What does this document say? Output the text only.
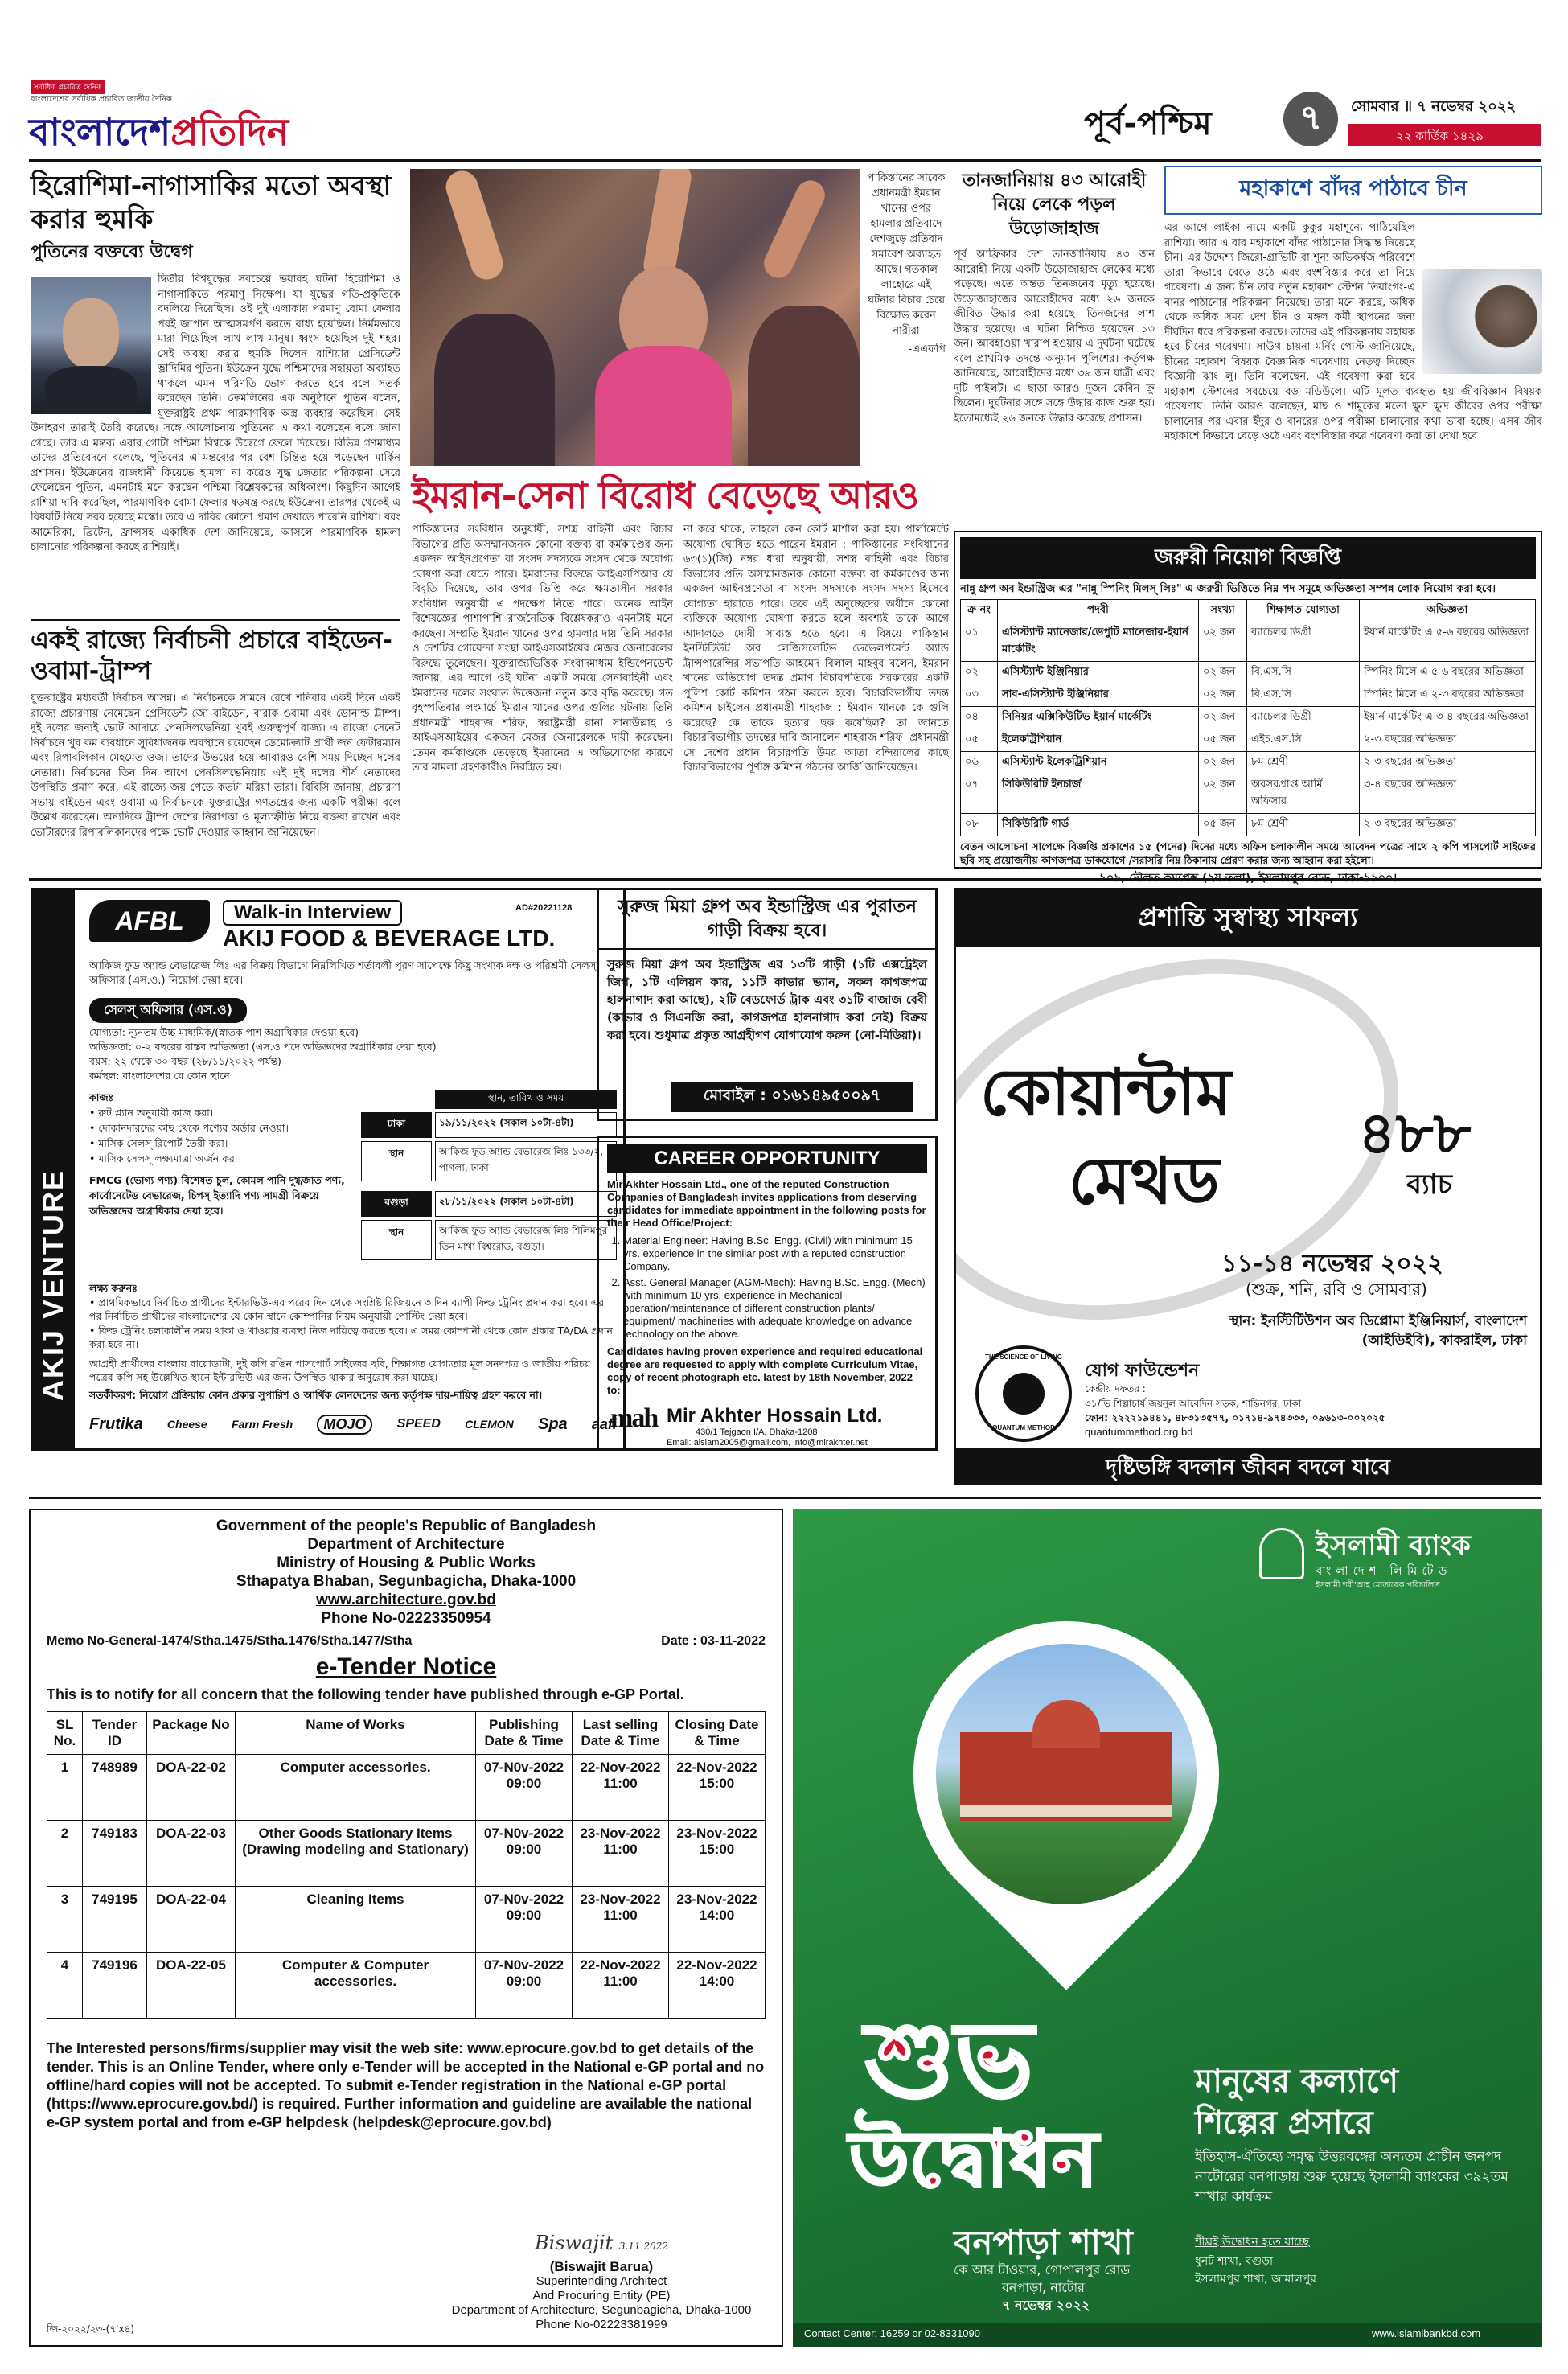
সর্বাধিক প্রচারিত দৈনিক
বাংলাদেশের সর্বাধিক প্রচারিত জাতীয় দৈনিক
বাংলাদেশপ্রতিদিন	পূর্ব-পশ্চিম	৭	সোমবার ॥ ৭ নভেম্বর ২০২২
২২ কার্তিক ১৪২৯
হিরোশিমা-নাগাসাকির মতো অবস্থা করার হুমকি
পুতিনের বক্তব্যে উদ্বেগ
দ্বিতীয় বিশ্বযুদ্ধের সবচেয়ে ভয়াবহ ঘটনা হিরোশিমা ও নাগাসাকিতে পরমাণু নিক্ষেপ। যা যুদ্ধের গতি-প্রকৃতিকে বদলিয়ে দিয়েছিল। ওই দুই এলাকায় পরমাণু বোমা ফেলার পরই জাপান আত্মসমর্পণ করতে বাধ্য হয়েছিল। নির্মমভাবে মারা গিয়েছিল লাখ লাখ মানুষ। ধ্বংস হয়েছিল দুই শহর। সেই অবস্থা করার হুমকি দিলেন রাশিয়ার প্রেসিডেন্ট ভ্লাদিমির পুতিন। ইউক্রেন যুদ্ধে পশ্চিমাদের সহায়তা অব্যাহত থাকলে এমন পরিণতি ভোগ করতে হবে বলে সতর্ক করেছেন তিনি। ক্রেমলিনের এক অনুষ্ঠানে পুতিন বলেন, যুক্তরাষ্ট্রই প্রথম পারমাণবিক অস্ত্র ব্যবহার করেছিল। সেই উদাহরণ তারাই তৈরি করেছে। সঙ্গে আলোচনায় পুতিনের এ কথা বলেছেন বলে জানা গেছে। তার এ মন্তব্য এবার গোটা পশ্চিমা বিশ্বকে উদ্বেগে ফেলে দিয়েছে। বিভিন্ন গণমাধ্যম তাদের প্রতিবেদনে বলেছে, পুতিনের এ মন্তব্যের পর বেশ চিন্তিত হয়ে পড়েছেন মার্কিন প্রশাসন। ইউক্রেনের রাজধানী কিয়েভে হামলা না করেও যুদ্ধ জেতার পরিকল্পনা সেরে ফেলেছেন পুতিন, এমনটাই মনে করছেন পশ্চিমা বিশ্লেষকদের অধিকাংশ। কিছুদিন আগেই রাশিয়া দাবি করেছিল, পারমাণবিক বোমা ফেলার ষড়যন্ত্র করছে ইউক্রেন। তারপর থেকেই এ বিষয়টি নিয়ে সরব হয়েছে মস্কো। তবে এ দাবির কোনো প্রমাণ দেখাতে পারেনি রাশিয়া। বরং আমেরিকা, ব্রিটেন, ফ্রান্সসহ একাধিক দেশ জানিয়েছে, আসলে পারমাণবিক হামলা চালানোর পরিকল্পনা করছে রাশিয়াই।
একই রাজ্যে নির্বাচনী প্রচারে বাইডেন-ওবামা-ট্রাম্প
যুক্তরাষ্ট্রের মধ্যবর্তী নির্বাচন আসন্ন। এ নির্বাচনকে সামনে রেখে শনিবার একই দিনে একই রাজ্যে প্রচারণায় নেমেছেন প্রেসিডেন্ট জো বাইডেন, বারাক ওবামা এবং ডোনাল্ড ট্রাম্প। দুই দলের জন্যই ভোট আদায়ে পেনসিলভেনিয়া খুবই গুরুত্বপূর্ণ রাজ্য। এ রাজ্যে সেনেট নির্বাচনে খুব কম ব্যবধানে সুবিধাজনক অবস্থানে রয়েছেন ডেমোক্র্যাট প্রার্থী জন ফেটারম্যান এবং রিপাবলিকান মেহমেত ওজ। তাদের উভয়ের হয়ে আবারও বেশি সময় দিচ্ছেন দলের নেতারা। নির্বাচনের তিন দিন আগে পেনসিলভেনিয়ায় এই দুই দলের শীর্ষ নেতাদের উপস্থিতি প্রমাণ করে, এই রাজ্যে জয় পেতে কতটা মরিয়া তারা। বিবিসি জানায়, প্রচারণা সভায় বাইডেন এবং ওবামা এ নির্বাচনকে যুক্তরাষ্ট্রের গণতন্ত্রের জন্য একটি পরীক্ষা বলে উল্লেখ করেছেন। অন্যদিকে ট্রাম্প দেশের নিরাপত্তা ও মূল্যস্ফীতি নিয়ে বক্তব্য রাখেন এবং ভোটারদের রিপাবলিকানদের পক্ষে ভোট দেওয়ার আহ্বান জানিয়েছেন।
পাকিস্তানের সাবেক প্রধানমন্ত্রী ইমরান খানের ওপর হামলার প্রতিবাদে দেশজুড়ে প্রতিবাদ সমাবেশ অব্যাহত আছে। গতকাল লাহোরে এই ঘটনার বিচার চেয়ে বিক্ষোভ করেন নারীরা
-এএফপি
ইমরান-সেনা বিরোধ বেড়েছে আরও
পাকিস্তানের সংবিধান অনুযায়ী, সশস্ত্র বাহিনী এবং বিচার বিভাগের প্রতি অসম্মানজনক কোনো বক্তব্য বা কর্মকাণ্ডের জন্য একজন আইনপ্রণেতা বা সংসদ সদস্যকে সংসদ থেকে অযোগ্য ঘোষণা করা যেতে পারে। ইমরানের বিরুদ্ধে আইএসপিআর যে বিবৃতি দিয়েছে, তার ওপর ভিত্তি করে ক্ষমতাসীন সরকার সংবিধান অনুযায়ী এ পদক্ষেপ নিতে পারে। অনেক আইন বিশেষজ্ঞের পাশাপাশি রাজনৈতিক বিশ্লেষকরাও এমনটাই মনে করছেন। সম্প্রতি ইমরান খানের ওপর হামলার দায় তিনি সরকার ও দেশটির গোয়েন্দা সংস্থা আইএসআইয়ের মেজর জেনারেলের বিরুদ্ধে তুলেছেন। যুক্তরাজ্যভিত্তিক সংবাদমাধ্যম ইন্ডিপেনডেন্ট জানায়, এর আগে ওই ঘটনা একটি সময়ে সেনাবাহিনী এবং ইমরানের দলের সংঘাত উত্তেজনা নতুন করে বৃদ্ধি করেছে। গত বৃহস্পতিবার লংমার্চে ইমরান খানের ওপর গুলির ঘটনায় তিনি প্রধানমন্ত্রী শাহবাজ শরিফ, স্বরাষ্ট্রমন্ত্রী রানা সানাউল্লাহ ও আইএসআইয়ের একজন মেজর জেনারেলকে দায়ী করেছেন। তেমন কর্মকাণ্ডকে তেড়েছে ইমরানের এ অভিযোগের কারণে তার মামলা গ্রহণকারীও নিরস্ত্রিত হয়।
না করে থাকে, তাহলে কেন কোর্ট মার্শাল করা হয়। পার্লামেন্টে অযোগ্য ঘোষিত হতে পারেন ইমরান : পাকিস্তানের সংবিধানের ৬৩(১)(জি) নম্বর ধারা অনুযায়ী, সশস্ত্র বাহিনী এবং বিচার বিভাগের প্রতি অসম্মানজনক কোনো বক্তব্য বা কর্মকাণ্ডের জন্য একজন আইনপ্রণেতা বা সংসদ সদস্যকে সংসদ সদস্য হিসেবে যোগ্যতা হারাতে পারে। তবে এই অনুচ্ছেদের অধীনে কোনো ব্যক্তিকে অযোগ্য ঘোষণা করতে হলে অবশ্যই তাকে আগে আদালতে দোষী সাব্যস্ত হতে হবে। এ বিষয়ে পাকিস্তান ইনস্টিটিউট অব লেজিসলেটিভ ডেভেলপমেন্ট অ্যান্ড ট্রান্সপারেন্সির সভাপতি আহমেদ বিলাল মাহবুব বলেন, ইমরান খানের অভিযোগ তদন্ত প্রমাণ বিচারপতিকে সরকারের একটি পুলিশ কোর্ট কমিশন গঠন করতে হবে। বিচারবিভাগীয় তদন্ত কমিশন চাইলেন প্রধানমন্ত্রী শাহবাজ : ইমরান খানকে কে গুলি করেছে? কে তাকে হত্যার ছক কষেছিল? তা জানতে বিচারবিভাগীয় তদন্তের দাবি জানালেন শাহবাজ শরিফ। প্রধানমন্ত্রী সে দেশের প্রধান বিচারপতি উমর আতা বন্দিয়ালের কাছে বিচারবিভাগের পূর্ণাঙ্গ কমিশন গঠনের আর্জি জানিয়েছেন।
তানজানিয়ায় ৪৩ আরোহী নিয়ে লেকে পড়ল উড়োজাহাজ
পূর্ব আফ্রিকার দেশ তানজানিয়ায় ৪৩ জন আরোহী নিয়ে একটি উড়োজাহাজ লেকের মধ্যে পড়েছে। এতে অন্তত তিনজনের মৃত্যু হয়েছে। উড়োজাহাজের আরোহীদের মধ্যে ২৬ জনকে জীবিত উদ্ধার করা হয়েছে। তিনজনের লাশ উদ্ধার হয়েছে। এ ঘটনা নিশ্চিত হয়েছেন ১৩ জন। আবহাওয়া খারাপ হওয়ায় এ দুর্ঘটনা ঘটেছে বলে প্রাথমিক তদন্তে অনুমান পুলিশের। কর্তৃপক্ষ জানিয়েছে, আরোহীদের মধ্যে ৩৯ জন যাত্রী এবং দুটি পাইলট। এ ছাড়া আরও দুজন কেবিন ক্রু ছিলেন। দুর্ঘটনার সঙ্গে সঙ্গে উদ্ধার কাজ শুরু হয়। ইতোমধ্যেই ২৬ জনকে উদ্ধার করেছে প্রশাসন।
মহাকাশে বাঁদর পাঠাবে চীন
এর আগে লাইকা নামে একটি কুকুর মহাশূন্যে পাঠিয়েছিল রাশিয়া। আর এ বার মহাকাশে বাঁদর পাঠানোর সিদ্ধান্ত নিয়েছে চীন। এর উদ্দেশ্য জিরো-গ্রাভিটি বা শূন্য অভিকর্ষজ পরিবেশে তারা কিভাবে বেড়ে ওঠে এবং বংশবিস্তার করে তা নিয়ে গবেষণা। এ জন্য চীন তার নতুন মহাকাশ স্টেশন তিয়াংগং-এ বানর পাঠানোর পরিকল্পনা নিয়েছে। তারা মনে করছে, অধিক থেকে অধিক সময় দেশ চীন ও মঙ্গল কর্মী স্থাপনের জন্য দীর্ঘদিন ধরে পরিকল্পনা করছে। তাদের এই পরিকল্পনায় সহায়ক হবে চীনের গবেষণা। সাউথ চায়না মর্নিং পোস্ট জানিয়েছে, চীনের মহাকাশ বিষয়ক বৈজ্ঞানিক গবেষণায় নেতৃত্ব দিচ্ছেন বিজ্ঞানী ঝাং লু। তিনি বলেছেন, এই গবেষণা করা হবে মহাকাশ স্টেশনের সবচেয়ে বড় মডিউলে। এটি মূলত ব্যবহৃত হয় জীববিজ্ঞান বিষয়ক গবেষণায়। তিনি আরও বলেছেন, মাছ ও শামুকের মতো ক্ষুদ্র ক্ষুদ্র জীবের ওপর পরীক্ষা চালানোর পর এবার ইঁদুর ও বানরের ওপর পরীক্ষা চালানোর কথা ভাবা হচ্ছে। এসব জীব মহাকাশে কিভাবে বেড়ে ওঠে এবং বংশবিস্তার করে গবেষণা করা তা দেখা হবে।
জরুরী নিয়োগ বিজ্ঞপ্তি
নান্নু গ্রুপ অব ইন্ডাস্ট্রিজ এর "নান্নু স্পিনিং মিলস্ লিঃ" এ জরুরী ভিত্তিতে নিম্ন পদ সমূহে অভিজ্ঞতা সম্পন্ন লোক নিয়োগ করা হবে।
ক্র নং	পদবী	সংখ্যা	শিক্ষাগত যোগ্যতা	অভিজ্ঞতা
০১	এসিস্ট্যান্ট ম্যানেজার/ডেপুটি ম্যানেজার-ইয়ার্ন মার্কেটিং	০২ জন	ব্যাচেলর ডিগ্রী	ইয়ার্ন মার্কেটিং এ ৫-৬ বছরের অভিজ্ঞতা
০২	এসিস্ট্যান্ট ইঞ্জিনিয়ার	০২ জন	বি.এস.সি	স্পিনিং মিলে এ ৫-৬ বছরের অভিজ্ঞতা
০৩	সাব-এসিস্ট্যান্ট ইঞ্জিনিয়ার	০২ জন	বি.এস.সি	স্পিনিং মিলে এ ২-৩ বছরের অভিজ্ঞতা
০৪	সিনিয়র এক্সিকিউটিভ ইয়ার্ন মার্কেটিং	০২ জন	ব্যাচেলর ডিগ্রী	ইয়ার্ন মার্কেটিং এ ৩-৪ বছরের অভিজ্ঞতা
০৫	ইলেকট্রিশিয়ান	০৫ জন	এইচ.এস.সি	২-৩ বছরের অভিজ্ঞতা
০৬	এসিস্ট্যান্ট ইলেকট্রিশিয়ান	০২ জন	৮ম শ্রেণী	২-৩ বছরের অভিজ্ঞতা
০৭	সিকিউরিটি ইনচার্জ	০২ জন	অবসরপ্রাপ্ত আর্মি অফিসার	৩-৪ বছরের অভিজ্ঞতা
০৮	সিকিউরিটি গার্ড	০৫ জন	৮ম শ্রেণী	২-৩ বছরের অভিজ্ঞতা
বেতন আলোচনা সাপেক্ষে বিজ্ঞপ্তি প্রকাশের ১৫ (পনের) দিনের মধ্যে অফিস চলাকালীন সময়ে আবেদন পত্রের সাথে ২ কপি পাসপোর্ট সাইজের ছবি সহ প্রয়োজনীয় কাগজপত্র ডাকযোগে /সরাসরি নিম্ন ঠিকানায় প্রেরণ করার জন্য আহ্বান করা হইলো।
AKIJ VENTURE
AFBL	Walk-in Interview	AD#20221128
AKIJ FOOD & BEVERAGE LTD.
আকিজ ফুড অ্যান্ড বেভারেজ লিঃ এর বিক্রয় বিভাগে নিম্নলিখিত শর্তাবলী পূরণ সাপেক্ষে কিছু সংখ্যক দক্ষ ও পরিশ্রমী সেলস্ অফিসার (এস.ও.) নিয়োগ দেয়া হবে।
সেলস্ অফিসার (এস.ও)
যোগ্যতা: ন্যূনতম উচ্চ মাধ্যমিক/(স্নাতক পাশ অগ্রাধিকার দেওয়া হবে)
অভিজ্ঞতা: ০-২ বছরের বাস্তব অভিজ্ঞতা (এস.ও পদে অভিজ্ঞদের অগ্রাধিকার দেয়া হবে)
বয়স: ২২ থেকে ৩০ বছর (২৮/১১/২০২২ পর্যন্ত)
কর্মস্থল: বাংলাদেশের যে কোন স্থানে
কাজঃ
• রুট প্ল্যান অনুযায়ী কাজ করা।
• দোকানদারদের কাছ থেকে পণ্যের অর্ডার নেওয়া।
• মাসিক সেলস্ রিপোর্ট তৈরী করা।
• মাসিক সেলস্ লক্ষ্যমাত্রা অর্জন করা।
FMCG (ভোগ্য পণ্য) বিশেষত চুল, কোমল পানি দুগ্ধজাত পণ্য, কার্বোনেটেড বেভারেজ, চিপস্ ইত্যাদি পণ্য সামগ্রী বিক্রয়ে অভিজ্ঞদের অগ্রাধিকার দেয়া হবে।
স্থান, তারিখ ও সময়
ঢাকা	১৯/১১/২০২২ (সকাল ১০টা-৪টা)
স্থান	আকিজ ফুড অ্যান্ড বেভারেজ লিঃ ১৩৩/২, পাগলা, ঢাকা।
বগুড়া	২৮/১১/২০২২ (সকাল ১০টা-৪টা)
স্থান	আকিজ ফুড অ্যান্ড বেভারেজ লিঃ শিলিমপুর তিন মাথা বিশ্বরোড, বগুড়া।
লক্ষ্য করুনঃ
• প্রাথমিকভাবে নির্বাচিত প্রার্থীদের ইন্টারভিউ-এর পরের দিন থেকে সংশ্লিষ্ট রিজিয়নে ৩ দিন ব্যাপী ফিল্ড ট্রেনিং প্রদান করা হবে। এর পর নির্বাচিত প্রার্থীদের বাংলাদেশের যে কোন স্থানে কোম্পানির নিয়ম অনুযায়ী পোস্টিং দেয়া হবে।
• ফিল্ড ট্রেনিং চলাকালীন সময় থাকা ও খাওয়ার ব্যবস্থা নিজ দায়িত্বে করতে হবে। এ সময় কোম্পানী থেকে কোন প্রকার TA/DA প্রদান করা হবে না।
আগ্রহী প্রার্থীদের বাংলায় বায়োডাটা, দুই কপি রঙিন পাসপোর্ট সাইজের ছবি, শিক্ষাগত যোগ্যতার মূল সনদপত্র ও জাতীয় পরিচয় পত্রের কপি সহ উল্লেখিত স্থানে ইন্টারভিউ-এর জন্য উপস্থিত থাকার অনুরোধ করা যাচ্ছে।
সতর্কীকরণ: নিয়োগ প্রক্রিয়ায় কোন প্রকার সুপারিশ ও আর্থিক লেনদেনের জন্য কর্তৃপক্ষ দায়-দায়িত্ব গ্রহণ করবে না।
Frutika Cheese Farm Fresh	MOJO	SPEED CLEMON Spa aafi
সুরুজ মিয়া গ্রুপ অব ইন্ডাস্ট্রিজ এর পুরাতন গাড়ী বিক্রয় হবে।
সুরুজ মিয়া গ্রুপ অব ইন্ডাস্ট্রিজ এর ১৩টি গাড়ী (১টি এক্সট্রেইল জিপ, ১টি এলিয়ন কার, ১১টি কাভার ভ্যান, সকল কাগজপত্র হালনাগাদ করা আছে), ২টি বেডফোর্ড ট্রাক এবং ৩১টি বাজাজ বেবী (কাভার ও সিএনজি করা, কাগজপত্র হালনাগাদ করা নেই) বিক্রয় করা হবে। শুধুমাত্র প্রকৃত আগ্রহীগণ যোগাযোগ করুন (নো-মিডিয়া)।
মোবাইল : ০১৬১৪৯৫০০৯৭
CAREER OPPORTUNITY
Mir Akhter Hossain Ltd., one of the reputed Construction Companies of Bangladesh invites applications from deserving candidates for immediate appointment in the following posts for their Head Office/Project:
1. Material Engineer: Having B.Sc. Engg. (Civil) with minimum 15 yrs. experience in the similar post with a reputed construction Company.
2. Asst. General Manager (AGM-Mech): Having B.Sc. Engg. (Mech) with minimum 10 yrs. experience in Mechanical operation/maintenance of different construction plants/ equipment/ machineries with adequate knowledge on advance technology on the above.
Candidates having proven experience and required educational degree are requested to apply with complete Curriculum Vitae, copy of recent photograph etc. latest by 18th November, 2022 to:
mah Mir Akhter Hossain Ltd.
430/1 Tejgaon I/A, Dhaka-1208
Email: aislam2005@gmail.com, info@mirakhter.net
প্রশান্তি সুস্বাস্থ্য সাফল্য
কোয়ান্টাম
মেথড
৪৮৮
ব্যাচ
১১-১৪ নভেম্বর ২০২২
(শুক্র, শনি, রবি ও সোমবার)
স্থান: ইনস্টিটিউশন অব ডিপ্লোমা ইঞ্জিনিয়ার্স, বাংলাদেশ (আইডিইবি), কাকরাইল, ঢাকা
THE SCIENCE OF LIVING
QUANTUM METHOD
যোগ ফাউন্ডেশন
কেন্দ্রীয় দফতর :
৩১/ভি শিল্পাচার্য জয়নুল আবেদিন সড়ক, শান্তিনগর, ঢাকা
ফোন: ২২২২১৯৪৪১, ৪৮৩১৩৫৭৭, ০১৭১৪-৯৭৪৩৩৩, ০৯৬১৩-০০২০২৫
quantummethod.org.bd
দৃষ্টিভঙ্গি বদলান জীবন বদলে যাবে
Government of the people's Republic of Bangladesh
Department of Architecture
Ministry of Housing & Public Works
Sthapatya Bhaban, Segunbagicha, Dhaka-1000
www.architecture.gov.bd
Phone No-02223350954
Memo No-General-1474/Stha.1475/Stha.1476/Stha.1477/Stha	Date : 03-11-2022
e-Tender Notice
This is to notify for all concern that the following tender have published through e-GP Portal.
SL No.	Tender ID	Package No	Name of Works	Publishing Date & Time	Last selling Date & Time	Closing Date & Time
1	748989	DOA-22-02	Computer accessories.	07-N0v-2022 09:00	22-Nov-2022 11:00	22-Nov-2022 15:00
2	749183	DOA-22-03	Other Goods Stationary Items (Drawing modeling and Stationary)	07-N0v-2022 09:00	23-Nov-2022 11:00	23-Nov-2022 15:00
3	749195	DOA-22-04	Cleaning Items	07-N0v-2022 09:00	23-Nov-2022 11:00	23-Nov-2022 14:00
4	749196	DOA-22-05	Computer & Computer accessories.	07-N0v-2022 09:00	22-Nov-2022 11:00	22-Nov-2022 14:00
The Interested persons/firms/supplier may visit the web site: www.eprocure.gov.bd to get details of the tender. This is an Online Tender, where only e-Tender will be accepted in the National e-GP portal and no offline/hard copies will not be accepted. To submit e-Tender registration in the National e-GP portal (https://www.eprocure.gov.bd/) is required. Further information and guideline are available the national e-GP system portal and from e-GP helpdesk (helpdesk@eprocure.gov.bd)
Biswajit 3.11.2022
(Biswajit Barua)
Superintending Architect
And Procuring Entity (PE)
Department of Architecture, Segunbagicha, Dhaka-1000
Phone No-02223381999
জি-২০২২/২৩-(৭'x৪)
ইসলামী ব্যাংক
বাংলাদেশ লিমিটেড
ইসলামী শরী'আহ মোতাবেক পরিচালিত
শুভ
উদ্বোধন
বনপাড়া শাখা
কে আর টাওয়ার, গোপালপুর রোড
বনপাড়া, নাটোর
৭ নভেম্বর ২০২২
মানুষের কল্যাণে
শিল্পের প্রসারে
ইতিহাস-ঐতিহ্যে সমৃদ্ধ উত্তরবঙ্গের অন্যতম প্রাচীন জনপদ নাটোরের বনপাড়ায় শুরু হয়েছে ইসলামী ব্যাংকের ৩৯২তম শাখার কার্যক্রম
শীঘ্রই উদ্বোধন হতে যাচ্ছে
ধুনট শাখা, বগুড়া
ইসলামপুর শাখা, জামালপুর
Contact Center: 16259 or 02-8331090	www.islamibankbd.com
